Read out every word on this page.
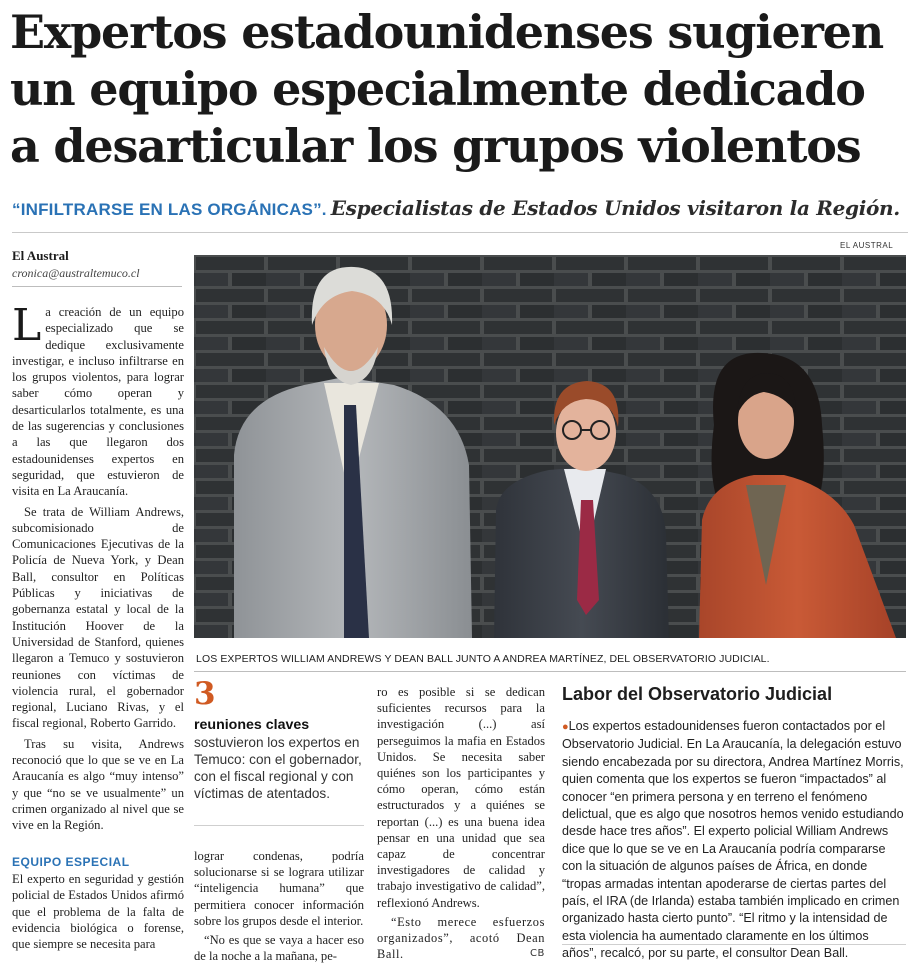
Expertos estadounidenses sugieren
un equipo especialmente dedicado
a desarticular los grupos violentos
“INFILTRARSE EN LAS ORGÁNICAS”. Especialistas de Estados Unidos visitaron la Región.
El Austral
cronica@australtemuco.cl
EL AUSTRAL
LOS EXPERTOS WILLIAM ANDREWS Y DEAN BALL JUNTO A ANDREA MARTÍNEZ, DEL OBSERVATORIO JUDICIAL.

La creación de un equipo especializado que se dedique exclusivamente investigar, e incluso infiltrarse en los grupos violentos, para lograr saber cómo operan y desarticularlos totalmente, es una de las sugerencias y conclusiones a las que llegaron dos estadounidenses expertos en seguridad, que estuvieron de visita en La Araucanía.

Se trata de William Andrews, subcomisionado de Comunicaciones Ejecutivas de la Policía de Nueva York, y Dean Ball, consultor en Políticas Públicas y iniciativas de gobernanza estatal y local de la Institución Hoover de la Universidad de Stanford, quienes llegaron a Temuco y sostuvieron reuniones con víctimas de violencia rural, el gobernador regional, Luciano Rivas, y el fiscal regional, Roberto Garrido.

Tras su visita, Andrews reconoció que lo que se ve en La Araucanía es algo “muy intenso” y que “no se ve usualmente” un crimen organizado al nivel que se vive en la Región.

EQUIPO ESPECIAL
El experto en seguridad y gestión policial de Estados Unidos afirmó que el problema de la falta de evidencia biológica o forense, que siempre se necesita para
3
reuniones claves sostuvieron los expertos en Temuco: con el gobernador, con el fiscal regional y con víctimas de atentados.

lograr condenas, podría solucionarse si se lograra utilizar “inteligencia humana” que permitiera conocer información sobre los grupos desde el interior.

“No es que se vaya a hacer eso de la noche a la mañana, pe-

ro es posible si se dedican suficientes recursos para la investigación (...) así perseguimos la mafia en Estados Unidos. Se necesita saber quiénes son los participantes y cómo operan, cómo están estructurados y a quiénes se reportan (...) es una buena idea pensar en una unidad que sea capaz de concentrar investigadores de calidad y trabajo investigativo de calidad”, reflexionó Andrews.

“Esto merece esfuerzos organizados”, acotó Dean Ball.	CB

Labor del Observatorio Judicial

●Los expertos estadounidenses fueron contactados por el Observatorio Judicial. En La Araucanía, la delegación estuvo siendo encabezada por su directora, Andrea Martínez Morris, quien comenta que los expertos se fueron “impactados” al conocer “en primera persona y en terreno el fenómeno delictual, que es algo que nosotros hemos venido estudiando desde hace tres años”. El experto policial William Andrews dice que lo que se ve en La Araucanía podría compararse con la situación de algunos países de África, en donde “tropas armadas intentan apoderarse de ciertas partes del país, el IRA (de Irlanda) estaba también implicado en crimen organizado hasta cierto punto”. “El ritmo y la intensidad de esta violencia ha aumentado claramente en los últimos años”, recalcó, por su parte, el consultor Dean Ball.
